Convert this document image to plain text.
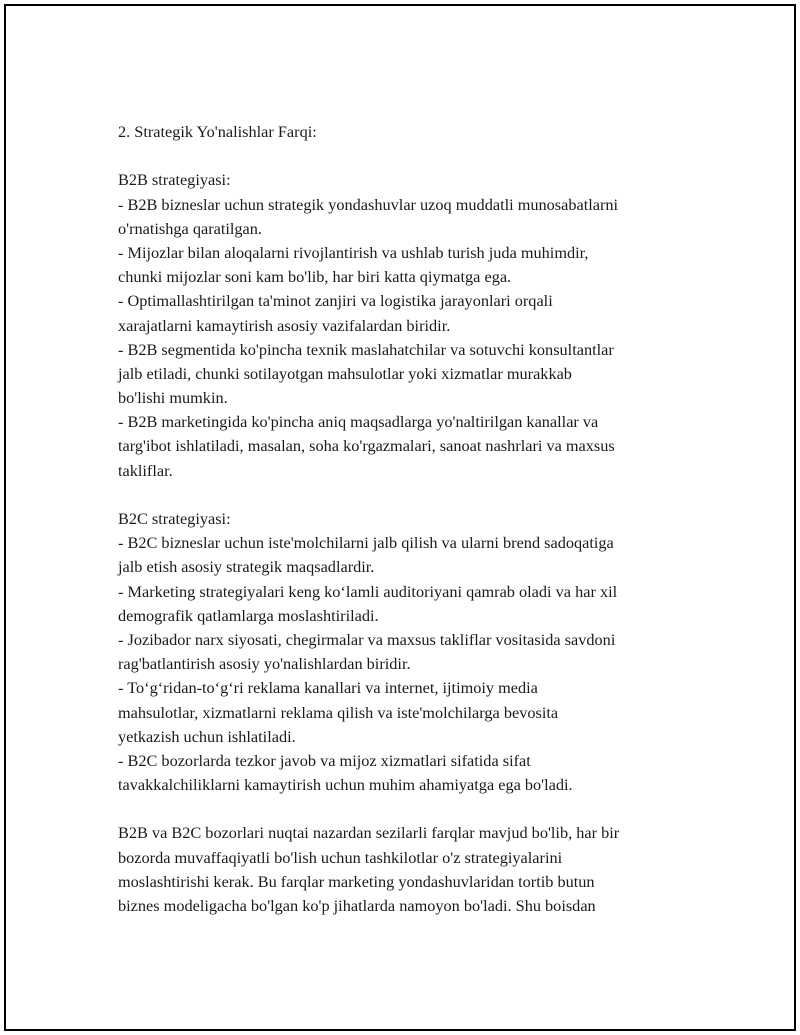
2. Strategik Yo'nalishlar Farqi:
B2B strategiyasi:
- B2B bizneslar uchun strategik yondashuvlar uzoq muddatli munosabatlarni
o'rnatishga qaratilgan.
- Mijozlar bilan aloqalarni rivojlantirish va ushlab turish juda muhimdir,
chunki mijozlar soni kam bo'lib, har biri katta qiymatga ega.
- Optimallashtirilgan ta'minot zanjiri va logistika jarayonlari orqali
xarajatlarni kamaytirish asosiy vazifalardan biridir.
- B2B segmentida ko'pincha texnik maslahatchilar va sotuvchi konsultantlar
jalb etiladi, chunki sotilayotgan mahsulotlar yoki xizmatlar murakkab
bo'lishi mumkin.
- B2B marketingida ko'pincha aniq maqsadlarga yo'naltirilgan kanallar va
targ'ibot ishlatiladi, masalan, soha ko'rgazmalari, sanoat nashrlari va maxsus
takliflar.
B2C strategiyasi:
- B2C bizneslar uchun iste'molchilarni jalb qilish va ularni brend sadoqatiga
jalb etish asosiy strategik maqsadlardir.
- Marketing strategiyalari keng ko‘lamli auditoriyani qamrab oladi va har xil
demografik qatlamlarga moslashtiriladi.
- Jozibador narx siyosati, chegirmalar va maxsus takliflar vositasida savdoni
rag'batlantirish asosiy yo'nalishlardan biridir.
- To‘g‘ridan-to‘g‘ri reklama kanallari va internet, ijtimoiy media
mahsulotlar, xizmatlarni reklama qilish va iste'molchilarga bevosita
yetkazish uchun ishlatiladi.
- B2C bozorlarda tezkor javob va mijoz xizmatlari sifatida sifat
tavakkalchiliklarni kamaytirish uchun muhim ahamiyatga ega bo'ladi.
B2B va B2C bozorlari nuqtai nazardan sezilarli farqlar mavjud bo'lib, har bir
bozorda muvaffaqiyatli bo'lish uchun tashkilotlar o'z strategiyalarini
moslashtirishi kerak. Bu farqlar marketing yondashuvlaridan tortib butun
biznes modeligacha bo'lgan ko'p jihatlarda namoyon bo'ladi. Shu boisdan
